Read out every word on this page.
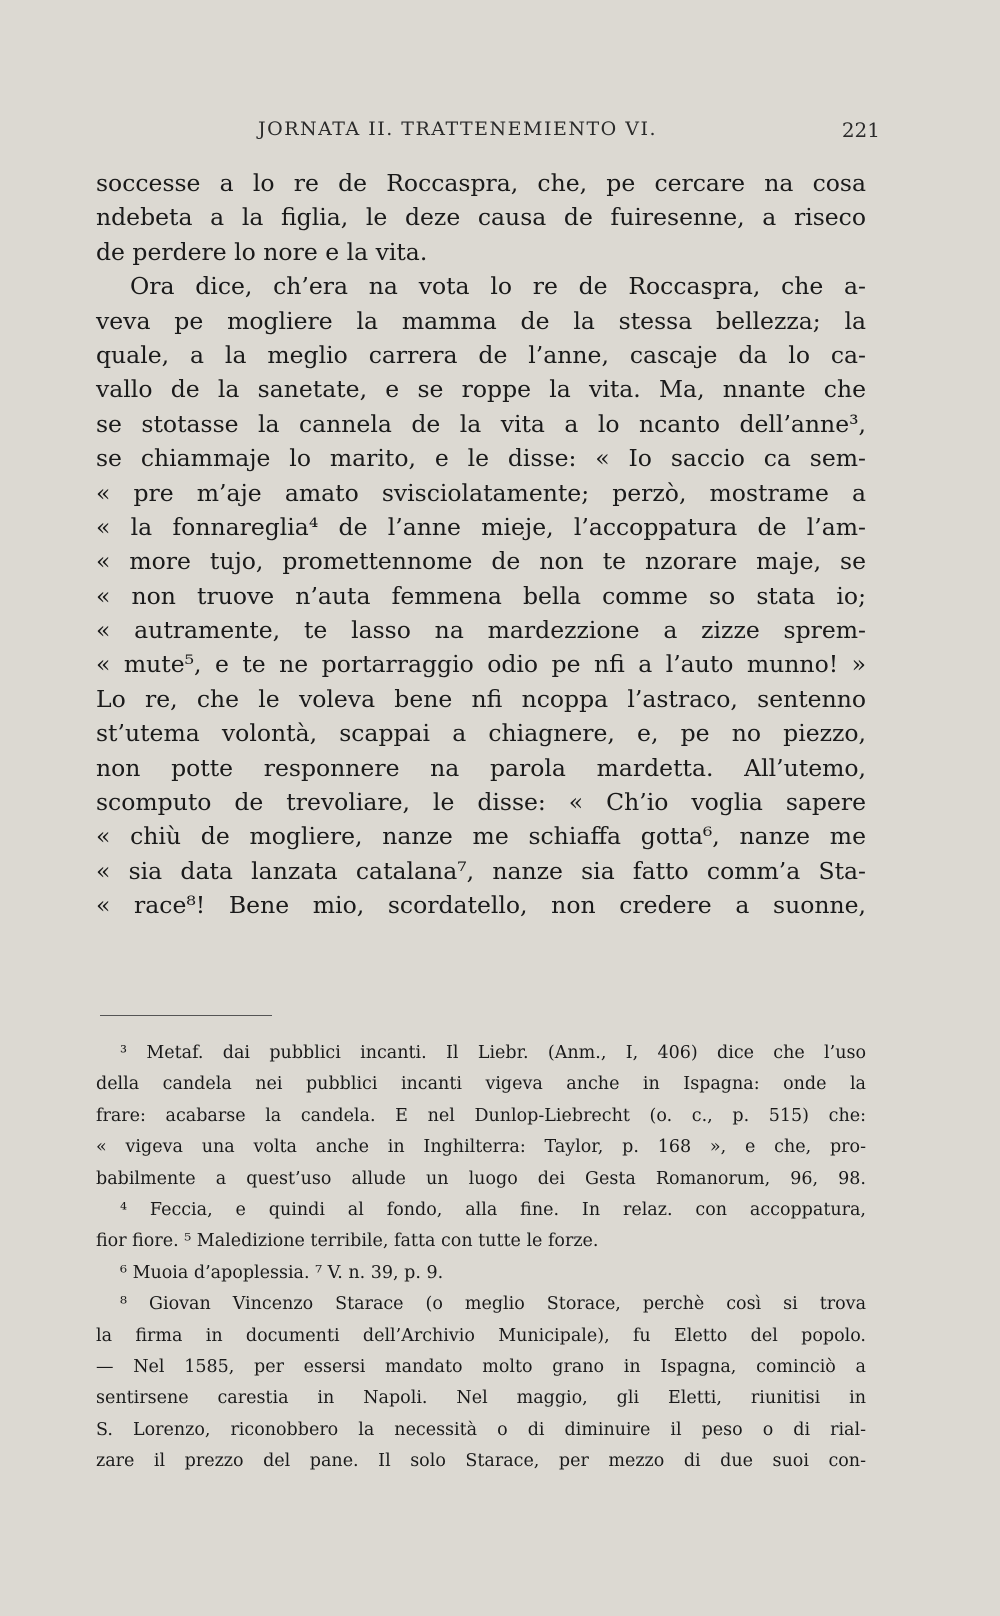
JORNATA II. TRATTENEMIENTO VI.	221
soccesse a lo re de Roccaspra, che, pe cercare na cosa
ndebeta a la figlia, le deze causa de fuiresenne, a riseco
de perdere lo nore e la vita.
Ora dice, ch’era na vota lo re de Roccaspra, che a-
veva pe mogliere la mamma de la stessa bellezza; la
quale, a la meglio carrera de l’anne, cascaje da lo ca-
vallo de la sanetate, e se roppe la vita. Ma, nnante che
se stotasse la cannela de la vita a lo ncanto dell’anne³,
se chiammaje lo marito, e le disse: « Io saccio ca sem-
« pre m’aje amato svisciolatamente; perzò, mostrame a
« la fonnareglia⁴ de l’anne mieje, l’accoppatura de l’am-
« more tujo, promettennome de non te nzorare maje, se
« non truove n’auta femmena bella comme so stata io;
« autramente, te lasso na mardezzione a zizze sprem-
« mute⁵, e te ne portarraggio odio pe nfi a l’auto munno! »
Lo re, che le voleva bene nfi ncoppa l’astraco, sentenno
st’utema volontà, scappai a chiagnere, e, pe no piezzo,
non potte responnere na parola mardetta. All’utemo,
scomputo de trevoliare, le disse: « Ch’io voglia sapere
« chiù de mogliere, nanze me schiaffa gotta⁶, nanze me
« sia data lanzata catalana⁷, nanze sia fatto comm’a Sta-
« race⁸! Bene mio, scordatello, non credere a suonne,
³ Metaf. dai pubblici incanti. Il Liebr. (Anm., I, 406) dice che l’uso
della candela nei pubblici incanti vigeva anche in Ispagna: onde la
frare: acabarse la candela. E nel Dunlop-Liebrecht (o. c., p. 515) che:
« vigeva una volta anche in Inghilterra: Taylor, p. 168 », e che, pro-
babilmente a quest’uso allude un luogo dei Gesta Romanorum, 96, 98.
⁴ Feccia, e quindi al fondo, alla fine. In relaz. con accoppatura,
fior fiore. ⁵ Maledizione terribile, fatta con tutte le forze.
⁶ Muoia d’apoplessia. ⁷ V. n. 39, p. 9.
⁸ Giovan Vincenzo Starace (o meglio Storace, perchè così si trova
la firma in documenti dell’Archivio Municipale), fu Eletto del popolo.
— Nel 1585, per essersi mandato molto grano in Ispagna, cominciò a
sentirsene carestia in Napoli. Nel maggio, gli Eletti, riunitisi in
S. Lorenzo, riconobbero la necessità o di diminuire il peso o di rial-
zare il prezzo del pane. Il solo Starace, per mezzo di due suoi con-
